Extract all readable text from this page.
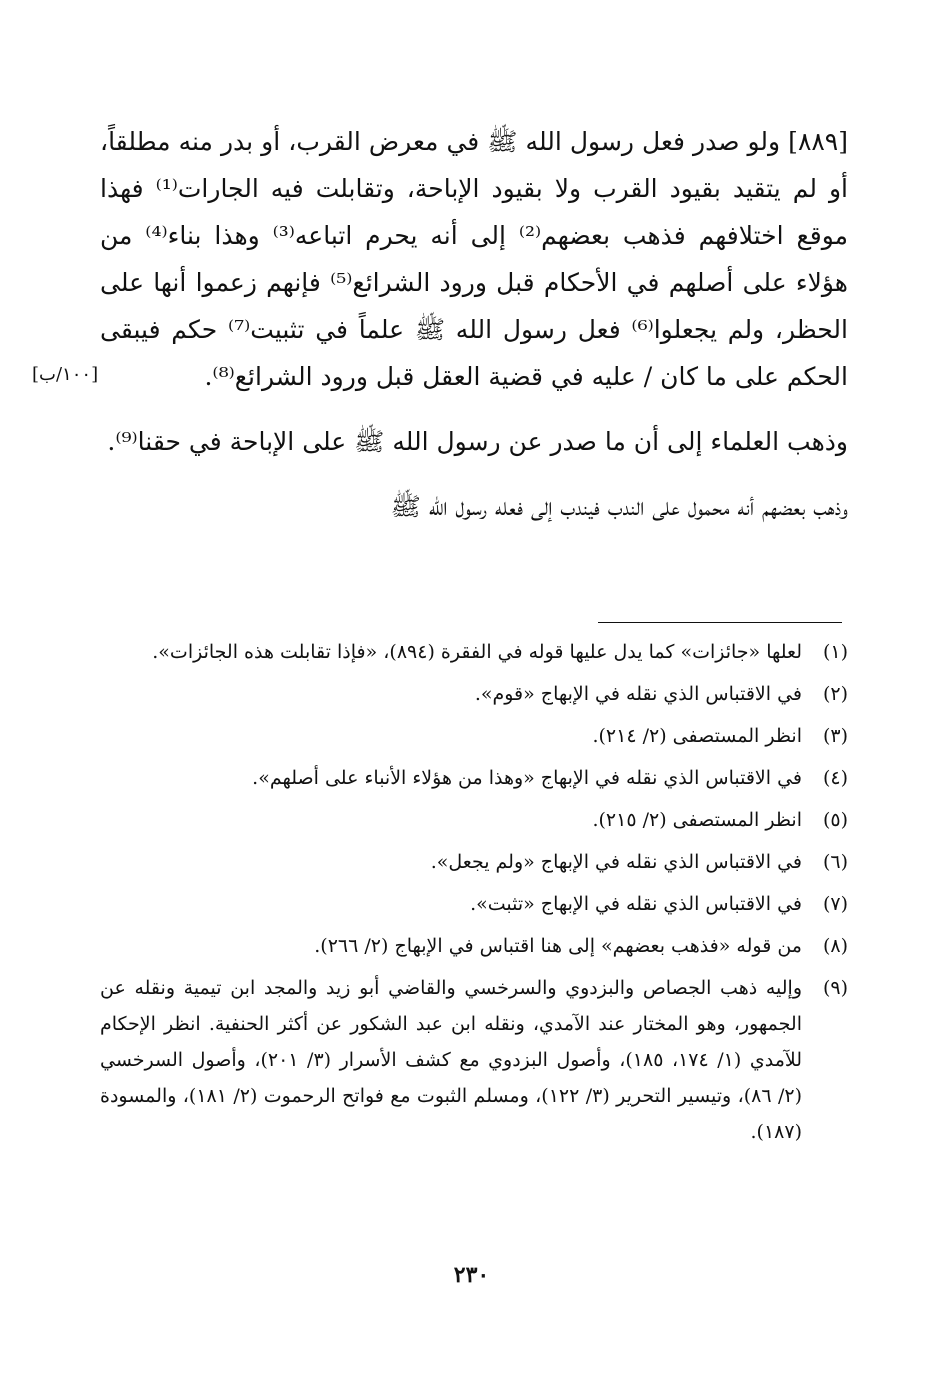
[٨٨٩] ولو صدر فعل رسول الله ﷺ في معرض القرب، أو بدر منه مطلقاً، أو لم يتقيد بقيود القرب ولا بقيود الإباحة، وتقابلت فيه الجارات⁽¹⁾ فهذا موقع اختلافهم فذهب بعضهم⁽²⁾ إلى أنه يحرم اتباعه⁽³⁾ وهذا بناء⁽⁴⁾ من هؤلاء على أصلهم في الأحكام قبل ورود الشرائع⁽⁵⁾ فإنهم زعموا أنها على الحظر، ولم يجعلوا⁽⁶⁾ فعل رسول الله ﷺ علماً في تثبيت⁽⁷⁾ حكم فيبقى الحكم على ما كان / عليه في قضية العقل قبل ورود الشرائع⁽⁸⁾.

وذهب العلماء إلى أن ما صدر عن رسول الله ﷺ على الإباحة في حقنا⁽⁹⁾.

وذهب بعضهم أنه محمول على الندب فيندب إلى فعله رسول الله ﷺ

[١٠٠/ب]
(١)
لعلها «جائزات» كما يدل عليها قوله في الفقرة (٨٩٤)، «فإذا تقابلت هذه الجائزات».
(٢)
في الاقتباس الذي نقله في الإبهاج «قوم».
(٣)
انظر المستصفى (٢/ ٢١٤).
(٤)
في الاقتباس الذي نقله في الإبهاج «وهذا من هؤلاء الأنباء على أصلهم».
(٥)
انظر المستصفى (٢/ ٢١٥).
(٦)
في الاقتباس الذي نقله في الإبهاج «ولم يجعل».
(٧)
في الاقتباس الذي نقله في الإبهاج «تثبت».
(٨)
من قوله «فذهب بعضهم» إلى هنا اقتباس في الإبهاج (٢/ ٢٦٦).
(٩)
وإليه ذهب الجصاص والبزدوي والسرخسي والقاضي أبو زيد والمجد ابن تيمية ونقله عن الجمهور، وهو المختار عند الآمدي، ونقله ابن عبد الشكور عن أكثر الحنفية. انظر الإحكام للآمدي (١/ ١٧٤، ١٨٥)، وأصول البزدوي مع كشف الأسرار (٣/ ٢٠١)، وأصول السرخسي (٢/ ٨٦)، وتيسير التحرير (٣/ ١٢٢)، ومسلم الثبوت مع فواتح الرحموت (٢/ ١٨١)، والمسودة (١٨٧).
٢٣٠
